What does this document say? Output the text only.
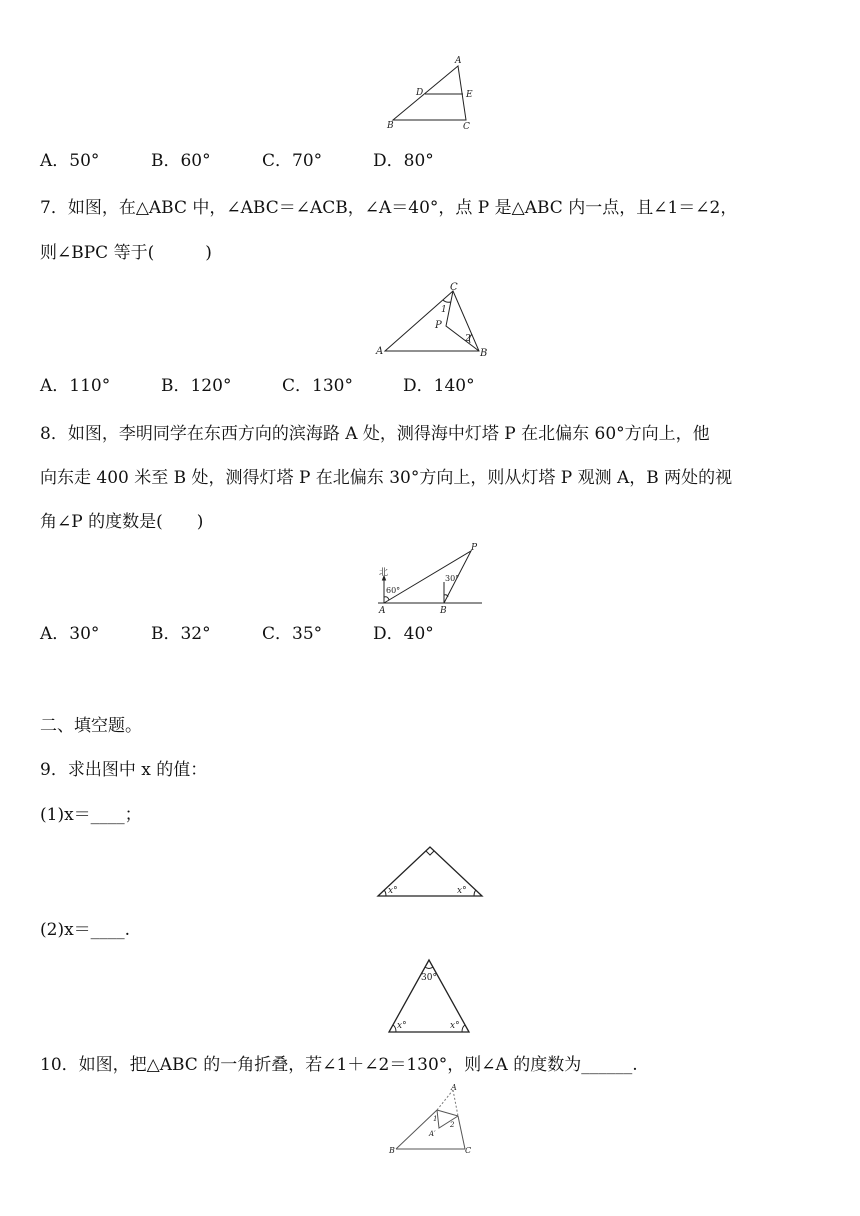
A
D	E
B	C
A．50°	B．60°	C．70°	D．80°
7．如图，在△ABC 中，∠ABC＝∠ACB，∠A＝40°，点 P 是△ABC 内一点，且∠1＝∠2，
则∠BPC 等于(　　　)
C
1
P
2
A	B
A．110°	B．120°	C．130°	D．140°
8．如图，李明同学在东西方向的滨海路 A 处，测得海中灯塔 P 在北偏东 60°方向上，他
向东走 400 米至 B 处，测得灯塔 P 在北偏东 30°方向上，则从灯塔 P 观测 A，B 两处的视
角∠P 的度数是(　　)
北
60°
30°
P
A	B
A．30°	B．32°	C．35°	D．40°
二、填空题。
9．求出图中 x 的值：
(1)x＝____；
x°	x°
(2)x＝____.
30°
x°	x°
10．如图，把△ABC 的一角折叠，若∠1＋∠2＝130°，则∠A 的度数为______.
A
1
2
A′
B	C
